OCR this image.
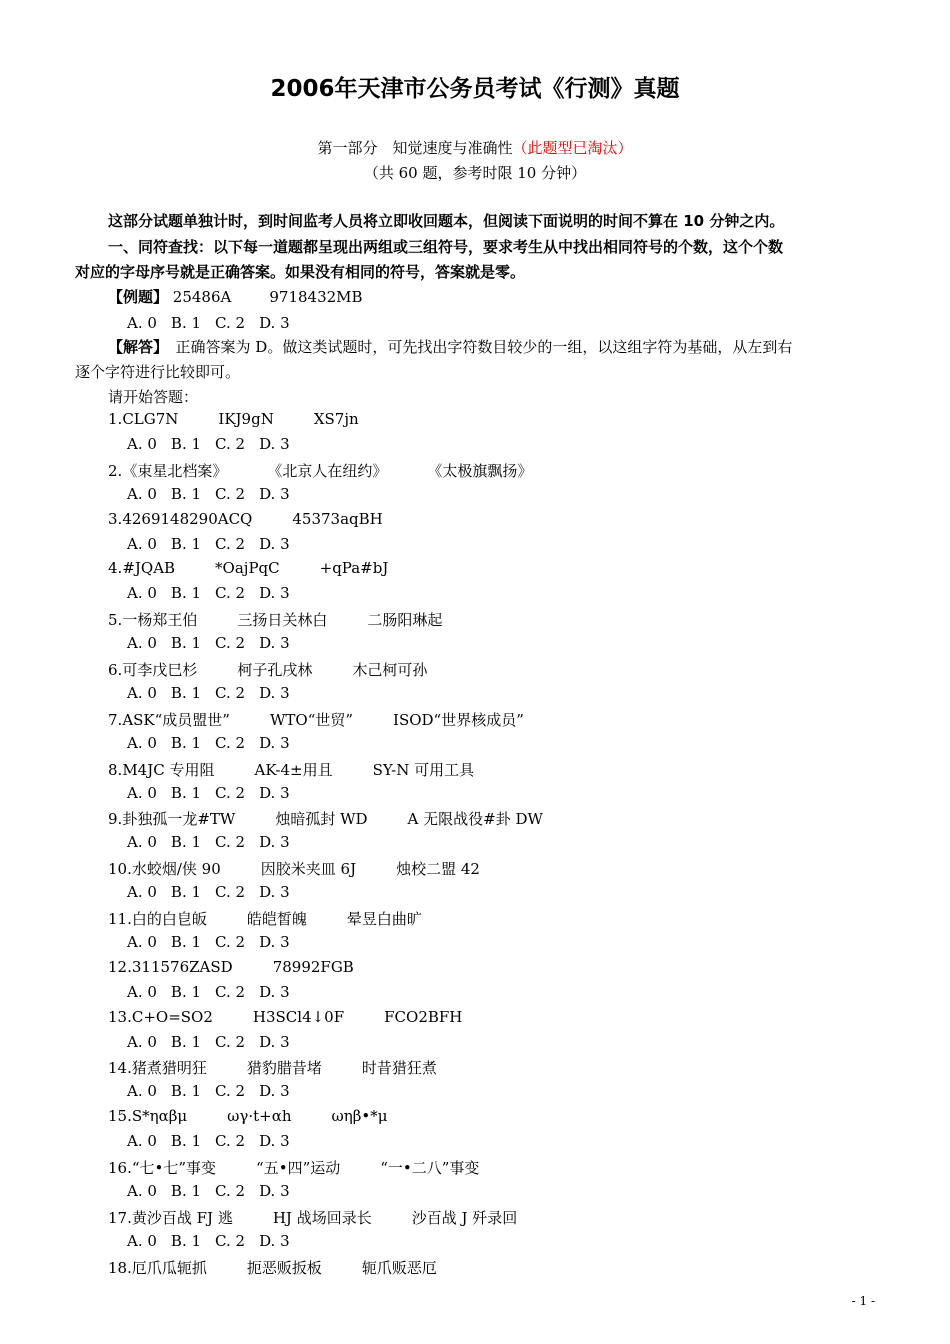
2006年天津市公务员考试《行测》真题
第一部分　知觉速度与准确性（此题型已淘汰）
（共 60 题，参考时限 10 分钟）
这部分试题单独计时，到时间监考人员将立即收回题本，但阅读下面说明的时间不算在 10 分钟之内。
一、同符查找：以下每一道题都呈现出两组或三组符号，要求考生从中找出相同符号的个数，这个个数
对应的字母序号就是正确答案。如果没有相同的符号，答案就是零。
【例题】 25486A	9718432MB
A. 0 B. 1 C. 2 D. 3
【解答】　 正确答案为 D。做这类试题时，可先找出字符数目较少的一组，以这组字符为基础，从左到右
逐个字符进行比较即可。
请开始答题：
1.CLG7N	IKJ9gN	XS7jn
A. 0 B. 1 C. 2 D. 3
2.《束星北档案》	《北京人在纽约》	《太极旗飘扬》
A. 0 B. 1 C. 2 D. 3
3.4269148290ACQ	45373aqBH
A. 0 B. 1 C. 2 D. 3
4.#JQAB	*OajPqC	+qPa#bJ
A. 0 B. 1 C. 2 D. 3
5.一杨郑王伯	三扬日关林白	二肠阳琳起
A. 0 B. 1 C. 2 D. 3
6.可李戊巳杉	柯子孔戌林	木己柯可孙
A. 0 B. 1 C. 2 D. 3
7.ASK“成员盟世”	WTO“世贸”	ISOD“世界核成员”
A. 0 B. 1 C. 2 D. 3
8.M4JC 专用阻	AK-4±用且	SY-N 可用工具
A. 0 B. 1 C. 2 D. 3
9.卦独孤一龙#TW	烛暗孤封 WD	A 无限战役#卦 DW
A. 0 B. 1 C. 2 D. 3
10.水蛟烟/侠 90	因胶米夹皿 6J	烛校二盟 42
A. 0 B. 1 C. 2 D. 3
11.白的白皀皈	皓皑皙魄	晕昱白曲旷
A. 0 B. 1 C. 2 D. 3
12.311576ZASD	78992FGB
A. 0 B. 1 C. 2 D. 3
13.C+O=SO2	H3SCl4↓0F	FCO2BFH
A. 0 B. 1 C. 2 D. 3
14.猪煮猎明狂	猎豹腊昔堵	时昔猎狂煮
A. 0 B. 1 C. 2 D. 3
15.S*ηαβμ	ωγ·t+αh	ωηβ•*μ
A. 0 B. 1 C. 2 D. 3
16.“七•七”事变	“五•四”运动	“一•二八”事变
A. 0 B. 1 C. 2 D. 3
17.黄沙百战 FJ 逃	HJ 战场回录长	沙百战 J 歼录回
A. 0 B. 1 C. 2 D. 3
18.厄爪瓜轭抓	扼恶贩扳板	轭爪贩恶厄
- 1 -
